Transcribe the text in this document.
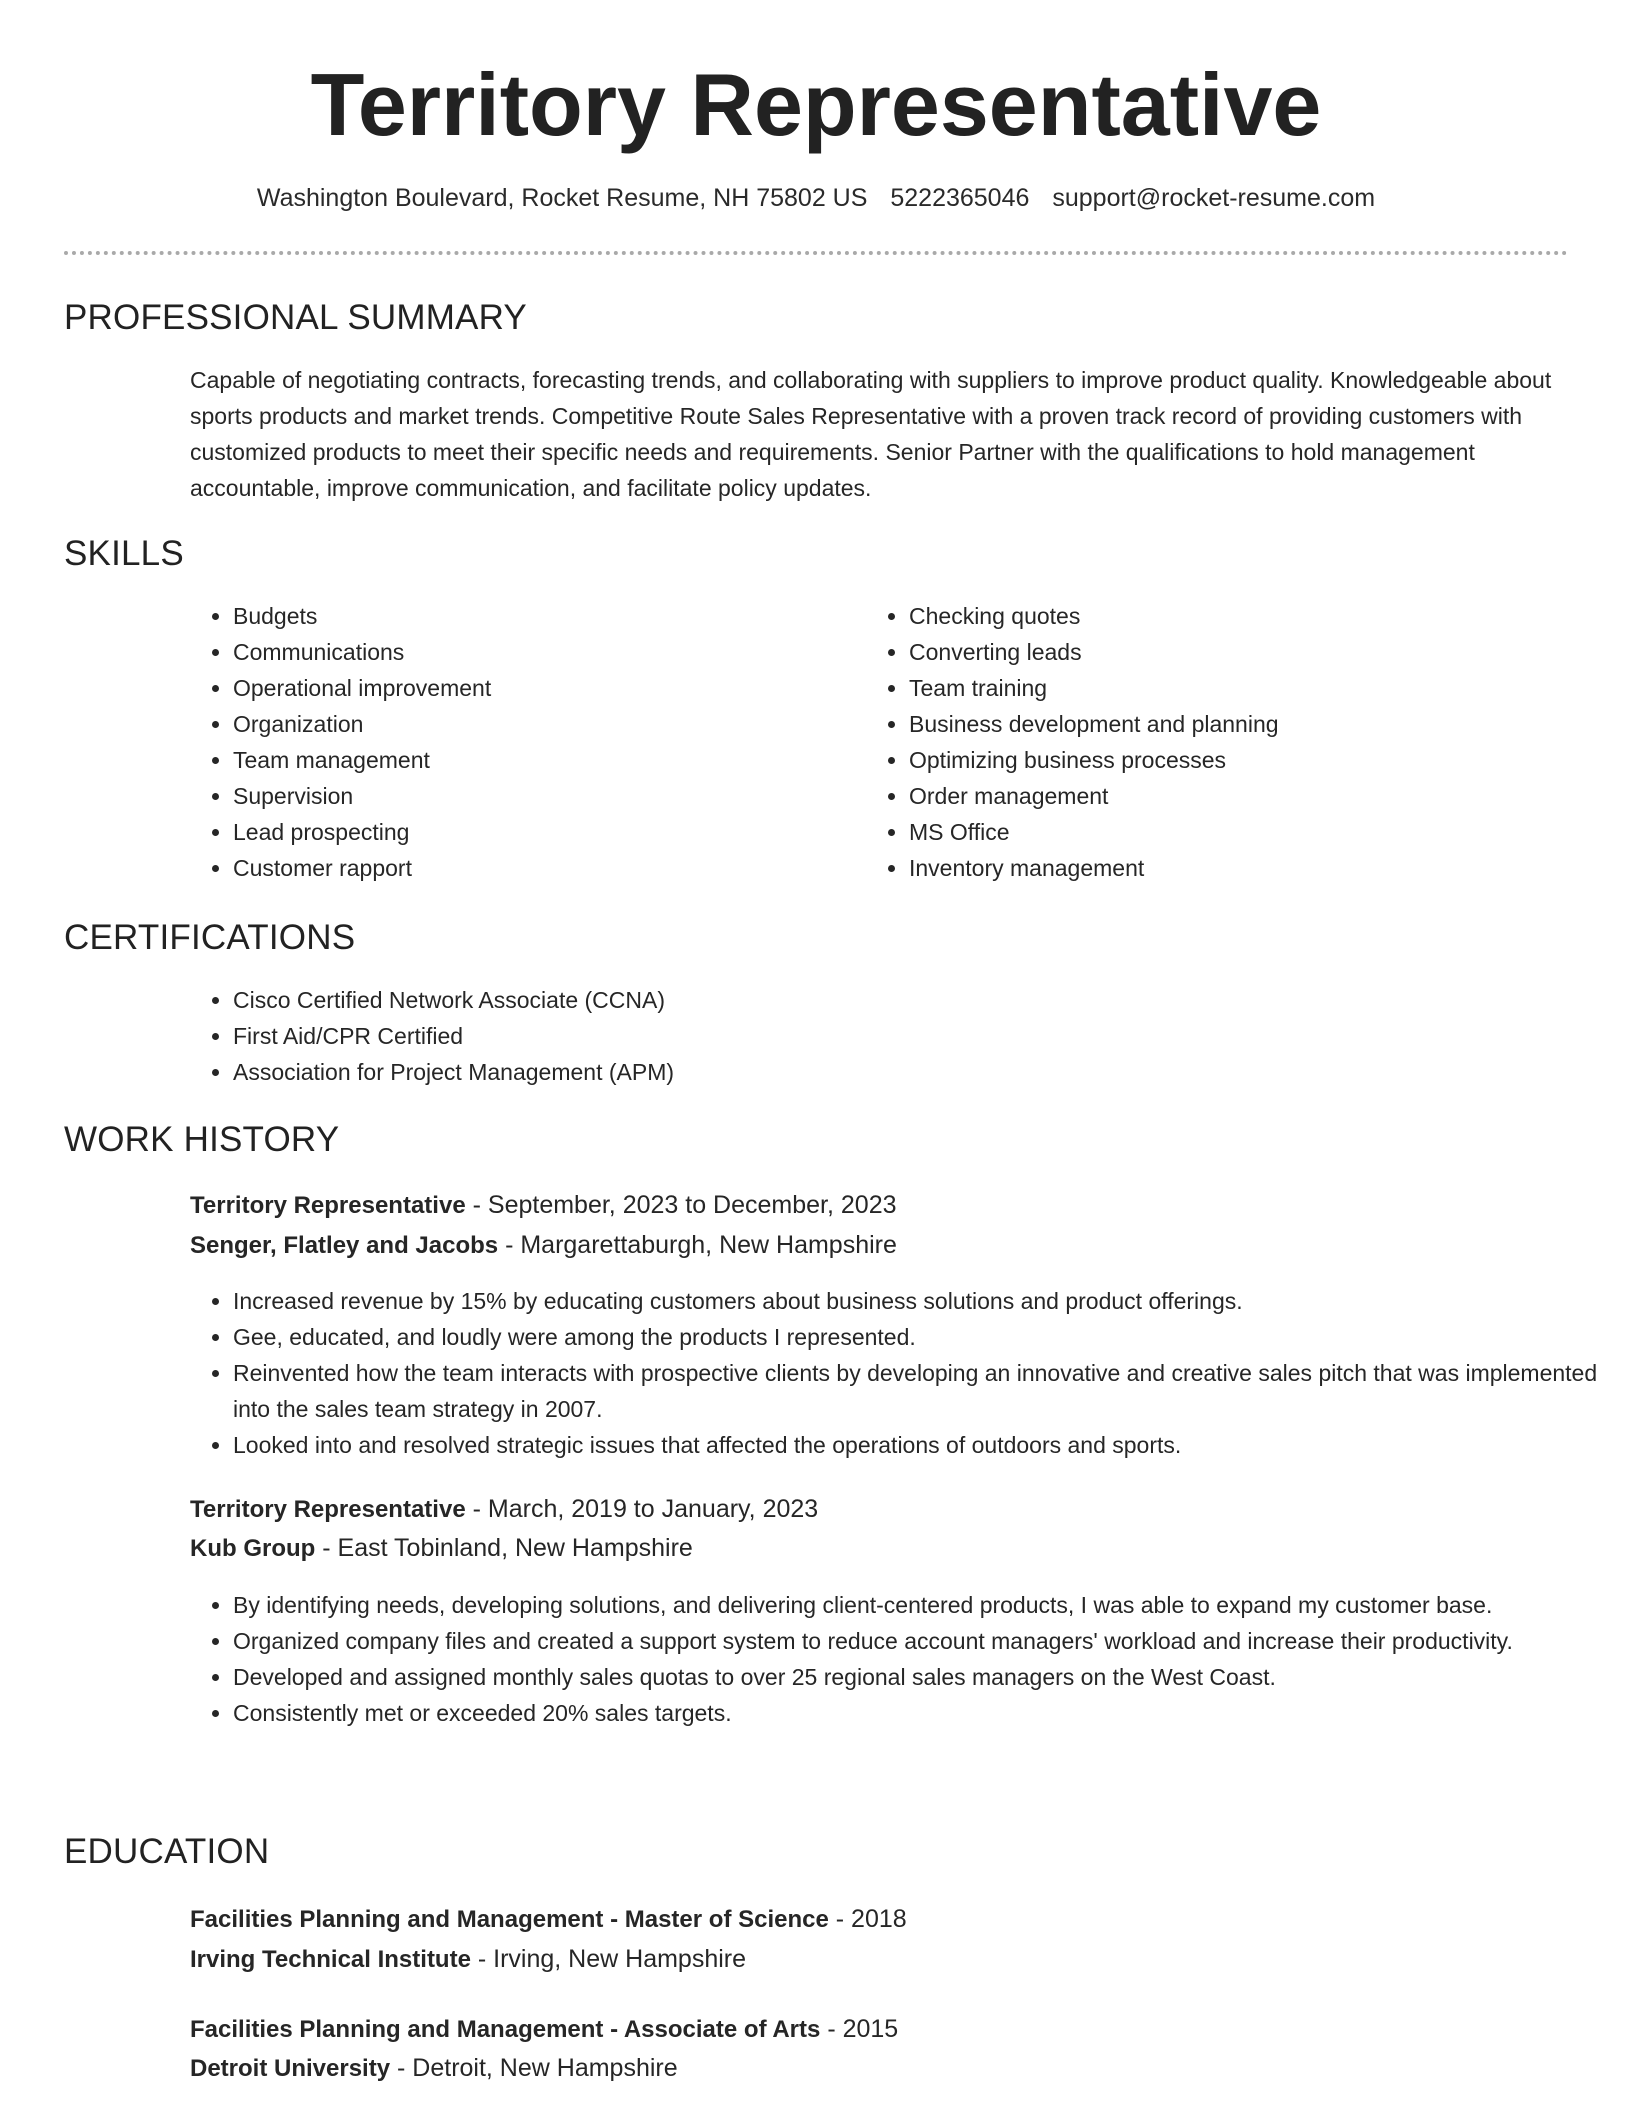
Territory Representative
Washington Boulevard, Rocket Resume, NH 75802 US 5222365046 support@rocket-resume.com
PROFESSIONAL SUMMARY

Capable of negotiating contracts, forecasting trends, and collaborating with suppliers to improve product quality. Knowledgeable about sports products and market trends. Competitive Route Sales Representative with a proven track record of providing customers with customized products to meet their specific needs and requirements. Senior Partner with the qualifications to hold management accountable, improve communication, and facilitate policy updates.

SKILLS
• Budgets
• Communications
• Operational improvement
• Organization
• Team management
• Supervision
• Lead prospecting
• Customer rapport
• Checking quotes
• Converting leads
• Team training
• Business development and planning
• Optimizing business processes
• Order management
• MS Office
• Inventory management
CERTIFICATIONS
• Cisco Certified Network Associate (CCNA)
• First Aid/CPR Certified
• Association for Project Management (APM)
WORK HISTORY
Territory Representative - September, 2023 to December, 2023
Senger, Flatley and Jacobs - Margarettaburgh, New Hampshire
• Increased revenue by 15% by educating customers about business solutions and product offerings.
• Gee, educated, and loudly were among the products I represented.
• Reinvented how the team interacts with prospective clients by developing an innovative and creative sales pitch that was implemented into the sales team strategy in 2007.
• Looked into and resolved strategic issues that affected the operations of outdoors and sports.
Territory Representative - March, 2019 to January, 2023
Kub Group - East Tobinland, New Hampshire
• By identifying needs, developing solutions, and delivering client-centered products, I was able to expand my customer base.
• Organized company files and created a support system to reduce account managers' workload and increase their productivity.
• Developed and assigned monthly sales quotas to over 25 regional sales managers on the West Coast.
• Consistently met or exceeded 20% sales targets.
EDUCATION
Facilities Planning and Management - Master of Science - 2018
Irving Technical Institute - Irving, New Hampshire
Facilities Planning and Management - Associate of Arts - 2015
Detroit University - Detroit, New Hampshire
